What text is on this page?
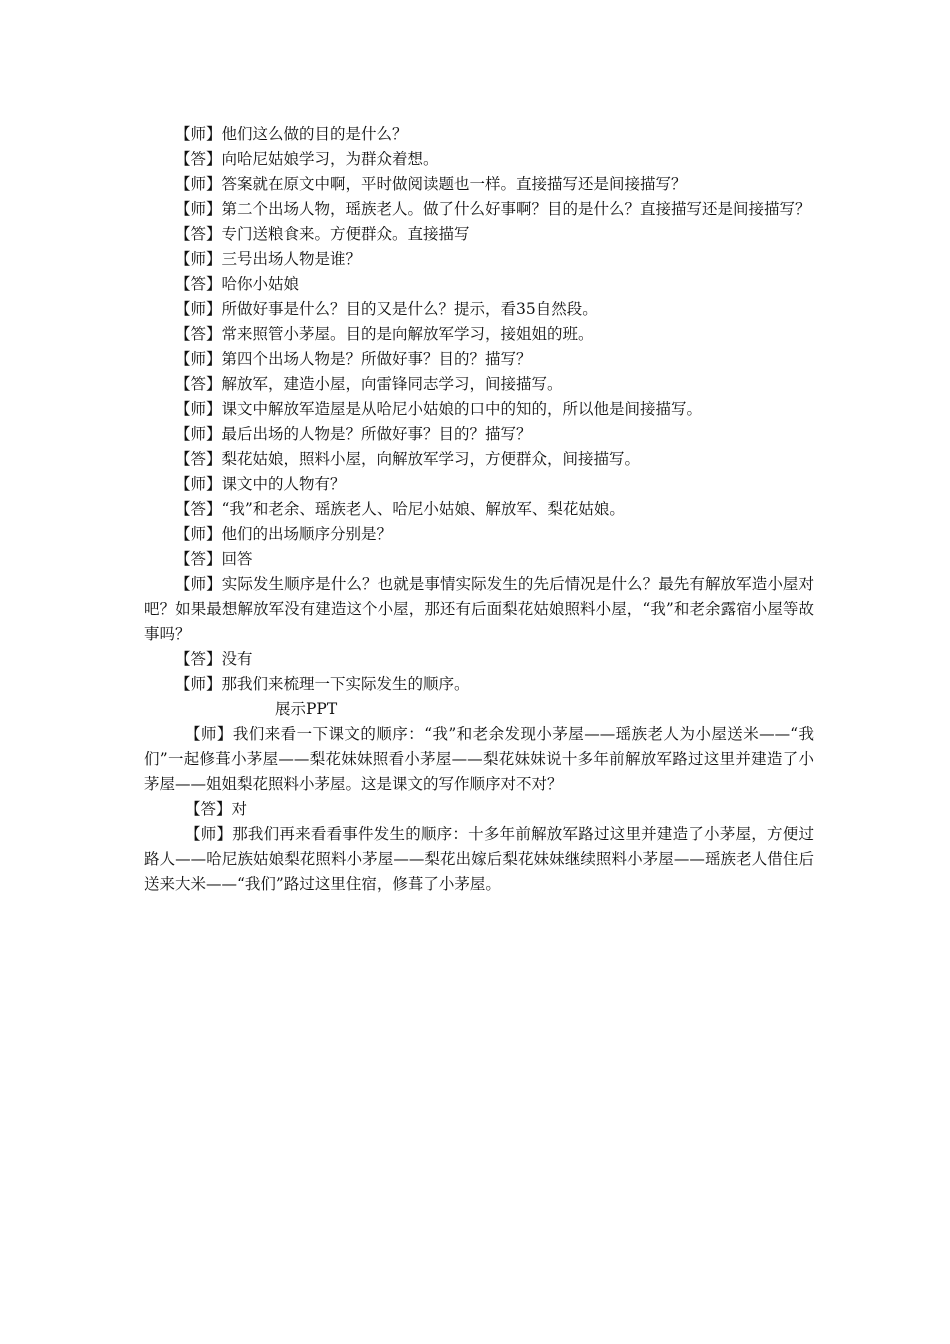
【师】他们这么做的目的是什么？

【答】向哈尼姑娘学习，为群众着想。

【师】答案就在原文中啊，平时做阅读题也一样。直接描写还是间接描写？

【师】第二个出场人物，瑶族老人。做了什么好事啊？目的是什么？直接描写还是间接描写？

【答】专门送粮食来。方便群众。直接描写

【师】三号出场人物是谁？

【答】哈你小姑娘

【师】所做好事是什么？目的又是什么？提示，看35自然段。

【答】常来照管小茅屋。目的是向解放军学习，接姐姐的班。

【师】第四个出场人物是？所做好事？目的？描写？

【答】解放军，建造小屋，向雷锋同志学习，间接描写。

【师】课文中解放军造屋是从哈尼小姑娘的口中的知的，所以他是间接描写。

【师】最后出场的人物是？所做好事？目的？描写？

【答】梨花姑娘，照料小屋，向解放军学习，方便群众，间接描写。

【师】课文中的人物有？

【答】“我”和老余、瑶族老人、哈尼小姑娘、解放军、梨花姑娘。

【师】他们的出场顺序分别是？

【答】回答

【师】实际发生顺序是什么？也就是事情实际发生的先后情况是什么？最先有解放军造小屋对吧？如果最想解放军没有建造这个小屋，那还有后面梨花姑娘照料小屋，“我”和老余露宿小屋等故事吗？

【答】没有

【师】那我们来梳理一下实际发生的顺序。

展示PPT

【师】我们来看一下课文的顺序：“我”和老余发现小茅屋——瑶族老人为小屋送米——“我们”一起修葺小茅屋——梨花妹妹照看小茅屋——梨花妹妹说十多年前解放军路过这里并建造了小茅屋——姐姐梨花照料小茅屋。这是课文的写作顺序对不对？

【答】对

【师】那我们再来看看事件发生的顺序：十多年前解放军路过这里并建造了小茅屋，方便过路人——哈尼族姑娘梨花照料小茅屋——梨花出嫁后梨花妹妹继续照料小茅屋——瑶族老人借住后送来大米——“我们”路过这里住宿，修葺了小茅屋。
